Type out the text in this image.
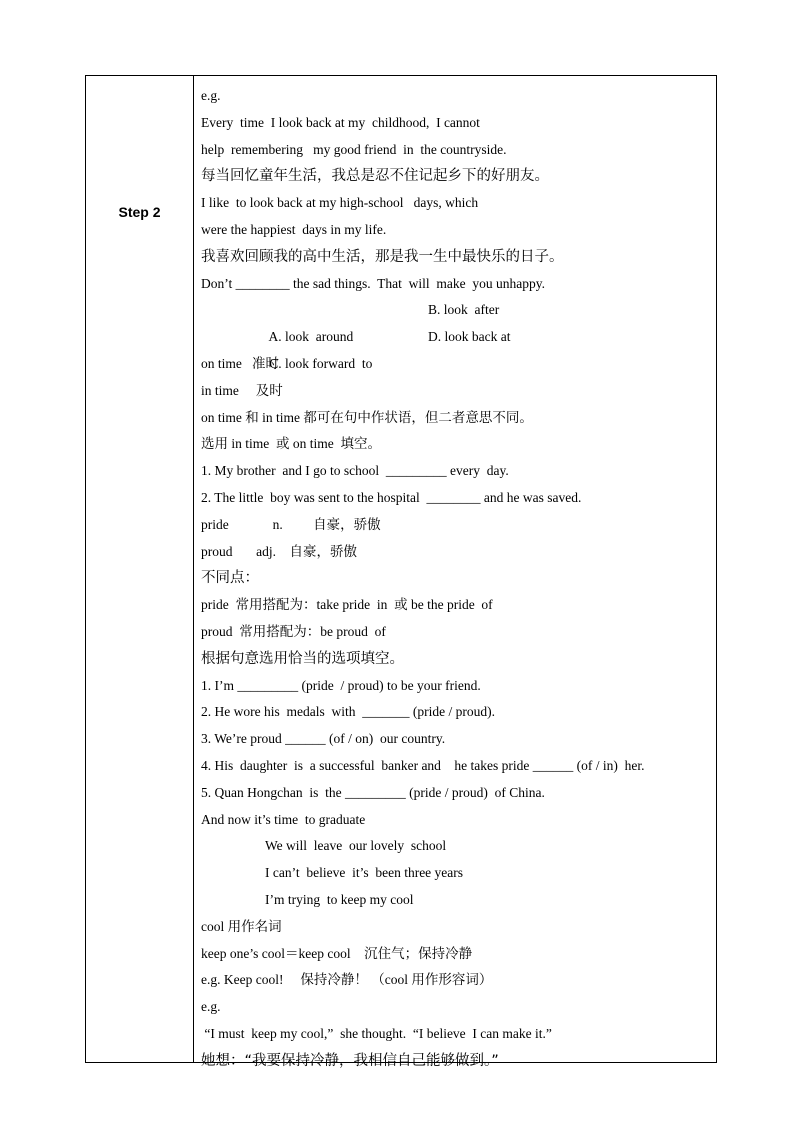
Step 2
e.g.
Every  time  I look back at my  childhood,  I cannot
help  remembering   my good friend  in  the countryside.
每当回忆童年生活，我总是忍不住记起乡下的好朋友。
I like  to look back at my high-school   days, which
were the happiest  days in my life.
我喜欢回顾我的高中生活，那是我一生中最快乐的日子。
Don’t ________ the sad things.  That  will  make  you unhappy.

A. look  around

B. look  after

C. look forward  to

D. look back at

on time   准时
in time     及时
on time 和 in time 都可在句中作状语，但二者意思不同。
选用 in time  或 on time  填空。
1. My brother  and I go to school  _________ every  day.
2. The little  boy was sent to the hospital  ________ and he was saved.
pride             n.         自豪，骄傲
proud       adj.    自豪，骄傲
不同点：
pride  常用搭配为：take pride  in  或 be the pride  of
proud  常用搭配为：be proud  of
根据句意选用恰当的选项填空。
1. I’m _________ (pride  / proud) to be your friend.
2. He wore his  medals  with  _______ (pride / proud).
3. We’re proud ______ (of / on)  our country.
4. His  daughter  is  a successful  banker and    he takes pride ______ (of / in)  her.
5. Quan Hongchan  is  the _________ (pride / proud)  of China.
And now it’s time  to graduate
We will  leave  our lovely  school
I can’t  believe  it’s  been three years
I’m trying  to keep my cool
cool 用作名词
keep one’s cool＝keep cool    沉住气；保持冷静
e.g. Keep cool!     保持冷静！ （cool 用作形容词）
e.g.
“I must  keep my cool,”  she thought.  “I believe  I can make it.”
她想：“我要保持冷静，我相信自己能够做到。”
